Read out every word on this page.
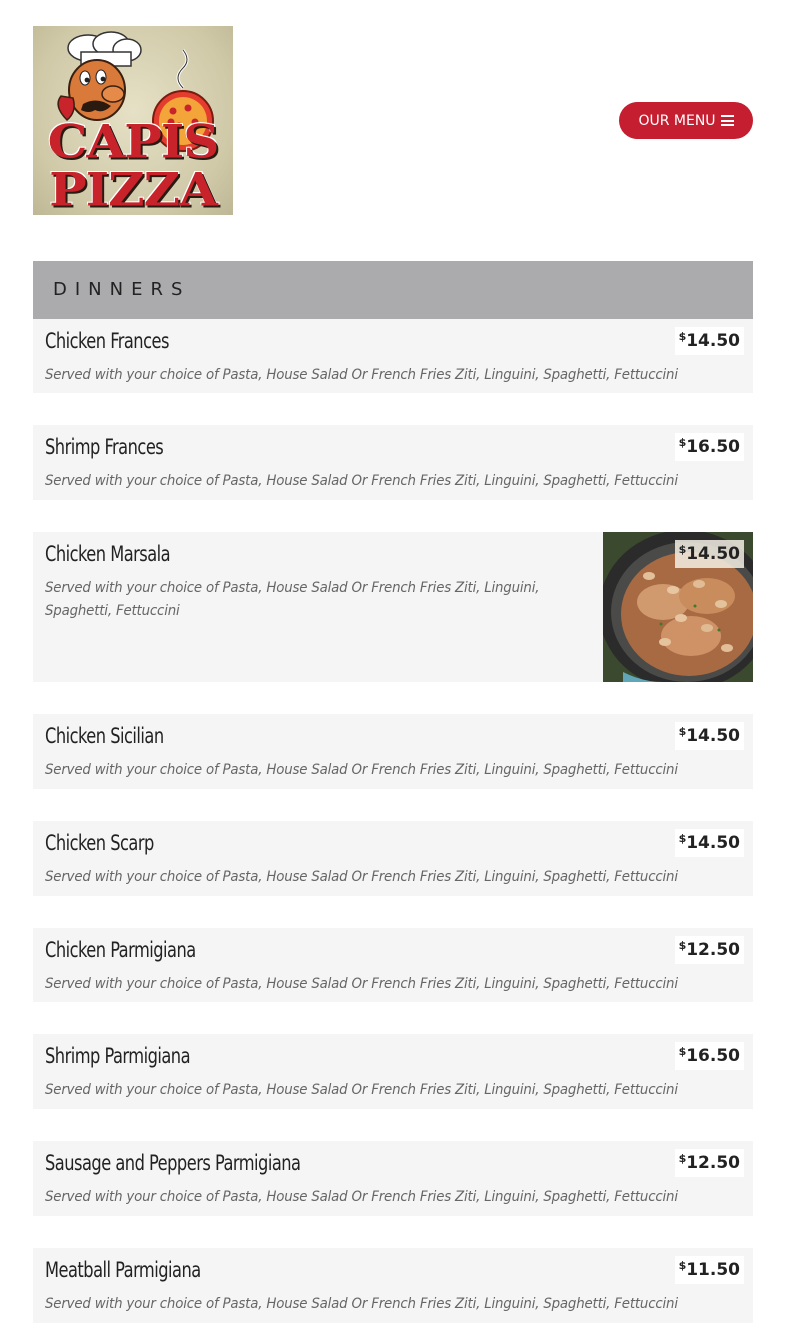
CAPIS
PIZZA
OUR MENU
DINNERS
Chicken Frances	$14.50
Served with your choice of Pasta, House Salad Or French Fries Ziti, Linguini, Spaghetti, Fettuccini
Shrimp Frances	$16.50
Served with your choice of Pasta, House Salad Or French Fries Ziti, Linguini, Spaghetti, Fettuccini
Chicken Marsala
Served with your choice of Pasta, House Salad Or French Fries Ziti, Linguini,
Spaghetti, Fettuccini
$14.50
Chicken Sicilian	$14.50
Served with your choice of Pasta, House Salad Or French Fries Ziti, Linguini, Spaghetti, Fettuccini
Chicken Scarp	$14.50
Served with your choice of Pasta, House Salad Or French Fries Ziti, Linguini, Spaghetti, Fettuccini
Chicken Parmigiana	$12.50
Served with your choice of Pasta, House Salad Or French Fries Ziti, Linguini, Spaghetti, Fettuccini
Shrimp Parmigiana	$16.50
Served with your choice of Pasta, House Salad Or French Fries Ziti, Linguini, Spaghetti, Fettuccini
Sausage and Peppers Parmigiana	$12.50
Served with your choice of Pasta, House Salad Or French Fries Ziti, Linguini, Spaghetti, Fettuccini
Meatball Parmigiana	$11.50
Served with your choice of Pasta, House Salad Or French Fries Ziti, Linguini, Spaghetti, Fettuccini
